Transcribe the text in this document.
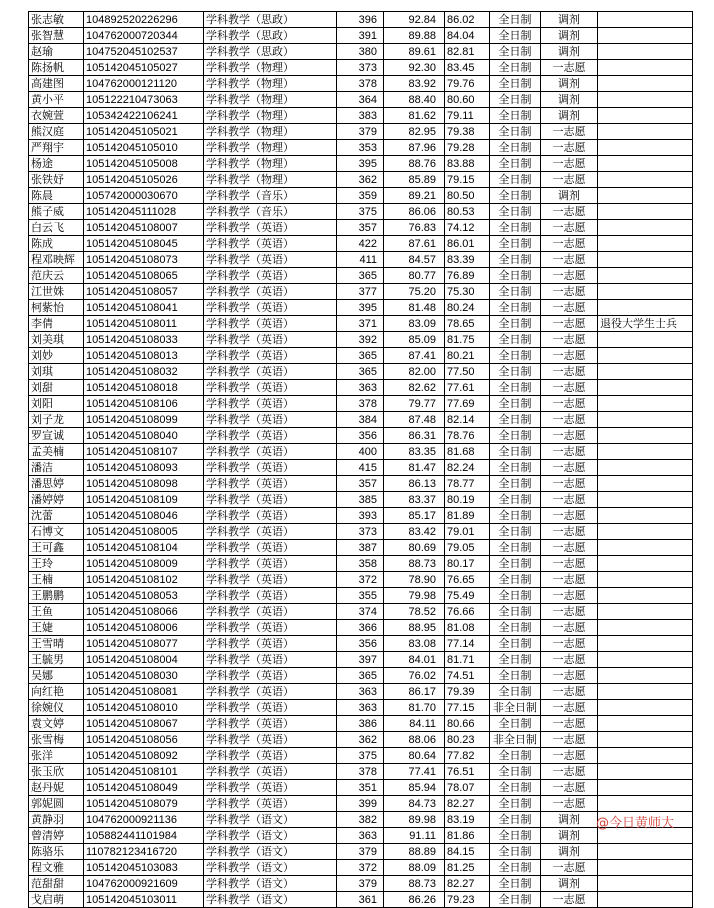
张志敏	104892520226296	学科教学（思政）	396	92.84	86.02	全日制	调剂	
张智慧	104762000720344	学科教学（思政）	391	89.88	84.04	全日制	调剂	
赵瑜	104752045102537	学科教学（思政）	380	89.61	82.81	全日制	调剂	
陈扬帆	105142045105027	学科教学（物理）	373	92.30	83.45	全日制	一志愿	
高建图	104762000121120	学科教学（物理）	378	83.92	79.76	全日制	调剂	
黄小平	105122210473063	学科教学（物理）	364	88.40	80.60	全日制	调剂	
衣婉萱	105342422106241	学科教学（物理）	383	81.62	79.11	全日制	调剂	
熊汉庭	105142045105021	学科教学（物理）	379	82.95	79.38	全日制	一志愿	
严翔宇	105142045105010	学科教学（物理）	353	87.96	79.28	全日制	一志愿	
杨途	105142045105008	学科教学（物理）	395	88.76	83.88	全日制	一志愿	
张铁妤	105142045105026	学科教学（物理）	362	85.89	79.15	全日制	一志愿	
陈晨	105742000030670	学科教学（音乐）	359	89.21	80.50	全日制	调剂	
熊子威	105142045111028	学科教学（音乐）	375	86.06	80.53	全日制	一志愿	
白云飞	105142045108007	学科教学（英语）	357	76.83	74.12	全日制	一志愿	
陈成	105142045108045	学科教学（英语）	422	87.61	86.01	全日制	一志愿	
程邓映辉	105142045108073	学科教学（英语）	411	84.57	83.39	全日制	一志愿	
范庆云	105142045108065	学科教学（英语）	365	80.77	76.89	全日制	一志愿	
江世姝	105142045108057	学科教学（英语）	377	75.20	75.30	全日制	一志愿	
柯紫怡	105142045108041	学科教学（英语）	395	81.48	80.24	全日制	一志愿	
李倩	105142045108011	学科教学（英语）	371	83.09	78.65	全日制	一志愿	退役大学生士兵
刘美琪	105142045108033	学科教学（英语）	392	85.09	81.75	全日制	一志愿	
刘妙	105142045108013	学科教学（英语）	365	87.41	80.21	全日制	一志愿	
刘琪	105142045108032	学科教学（英语）	365	82.00	77.50	全日制	一志愿	
刘甜	105142045108018	学科教学（英语）	363	82.62	77.61	全日制	一志愿	
刘阳	105142045108106	学科教学（英语）	378	79.77	77.69	全日制	一志愿	
刘子龙	105142045108099	学科教学（英语）	384	87.48	82.14	全日制	一志愿	
罗宣诚	105142045108040	学科教学（英语）	356	86.31	78.76	全日制	一志愿	
孟美楠	105142045108107	学科教学（英语）	400	83.35	81.68	全日制	一志愿	
潘洁	105142045108093	学科教学（英语）	415	81.47	82.24	全日制	一志愿	
潘思婷	105142045108098	学科教学（英语）	357	86.13	78.77	全日制	一志愿	
潘婷婷	105142045108109	学科教学（英语）	385	83.37	80.19	全日制	一志愿	
沈蕾	105142045108046	学科教学（英语）	393	85.17	81.89	全日制	一志愿	
石博文	105142045108005	学科教学（英语）	373	83.42	79.01	全日制	一志愿	
王可鑫	105142045108104	学科教学（英语）	387	80.69	79.05	全日制	一志愿	
王玲	105142045108009	学科教学（英语）	358	88.73	80.17	全日制	一志愿	
王楠	105142045108102	学科教学（英语）	372	78.90	76.65	全日制	一志愿	
王鹏鹏	105142045108053	学科教学（英语）	355	79.98	75.49	全日制	一志愿	
王鱼	105142045108066	学科教学（英语）	374	78.52	76.66	全日制	一志愿	
王婕	105142045108006	学科教学（英语）	366	88.95	81.08	全日制	一志愿	
王雪晴	105142045108077	学科教学（英语）	356	83.08	77.14	全日制	一志愿	
王毓男	105142045108004	学科教学（英语）	397	84.01	81.71	全日制	一志愿	
吴娜	105142045108030	学科教学（英语）	365	76.02	74.51	全日制	一志愿	
向红艳	105142045108081	学科教学（英语）	363	86.17	79.39	全日制	一志愿	
徐婉仪	105142045108010	学科教学（英语）	363	81.70	77.15	非全日制	一志愿	
袁文婷	105142045108067	学科教学（英语）	386	84.11	80.66	全日制	一志愿	
张雪梅	105142045108056	学科教学（英语）	362	88.06	80.23	非全日制	一志愿	
张洋	105142045108092	学科教学（英语）	375	80.64	77.82	全日制	一志愿	
张玉欣	105142045108101	学科教学（英语）	378	77.41	76.51	全日制	一志愿	
赵丹妮	105142045108049	学科教学（英语）	351	85.94	78.07	全日制	一志愿	
郭妮圆	105142045108079	学科教学（英语）	399	84.73	82.27	全日制	一志愿	
黄静羽	104762000921136	学科教学（语文）	382	89.98	83.19	全日制	调剂	
曾清婷	105882441101984	学科教学（语文）	363	91.11	81.86	全日制	调剂	
陈骆乐	110782123416720	学科教学（语文）	379	88.89	84.15	全日制	调剂	
程文雅	105142045103083	学科教学（语文）	372	88.09	81.25	全日制	一志愿	
范甜甜	104762000921609	学科教学（语文）	379	88.73	82.27	全日制	调剂	
戈启萌	105142045103011	学科教学（语文）	361	86.26	79.23	全日制	一志愿	
@今日黄师大
